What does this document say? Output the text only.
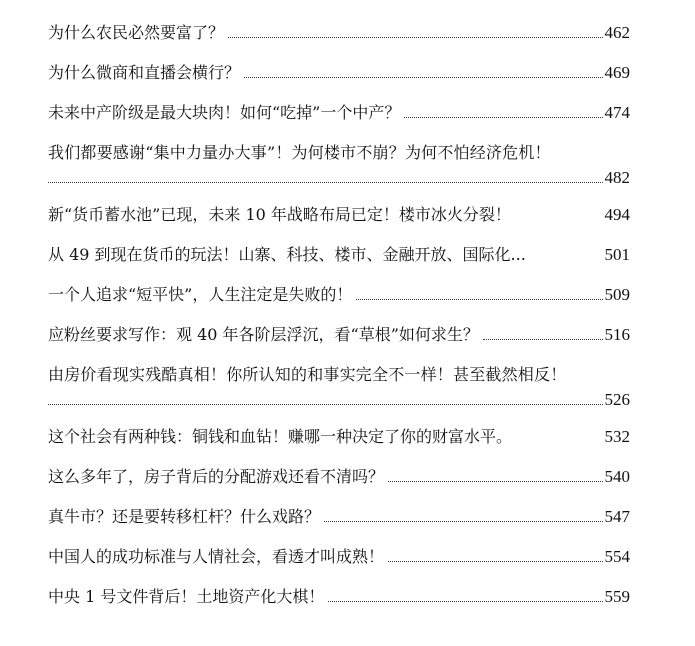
为什么农民必然要富了？	462
为什么微商和直播会横行？	469
未来中产阶级是最大块肉！如何“吃掉”一个中产？	474
我们都要感谢“集中力量办大事”！为何楼市不崩？为何不怕经济危机！
482
新“货币蓄水池”已现，未来 10 年战略布局已定！楼市冰火分裂！	494
从 49 到现在货币的玩法！山寨、科技、楼市、金融开放、国际化...	501
一个人追求“短平快”，人生注定是失败的！	509
应粉丝要求写作：观 40 年各阶层浮沉，看“草根”如何求生？	516
由房价看现实残酷真相！你所认知的和事实完全不一样！甚至截然相反！
526
这个社会有两种钱：铜钱和血钻！赚哪一种决定了你的财富水平。	532
这么多年了，房子背后的分配游戏还看不清吗？	540
真牛市？还是要转移杠杆？什么戏路？	547
中国人的成功标准与人情社会，看透才叫成熟！	554
中央 1 号文件背后！土地资产化大棋！	559
